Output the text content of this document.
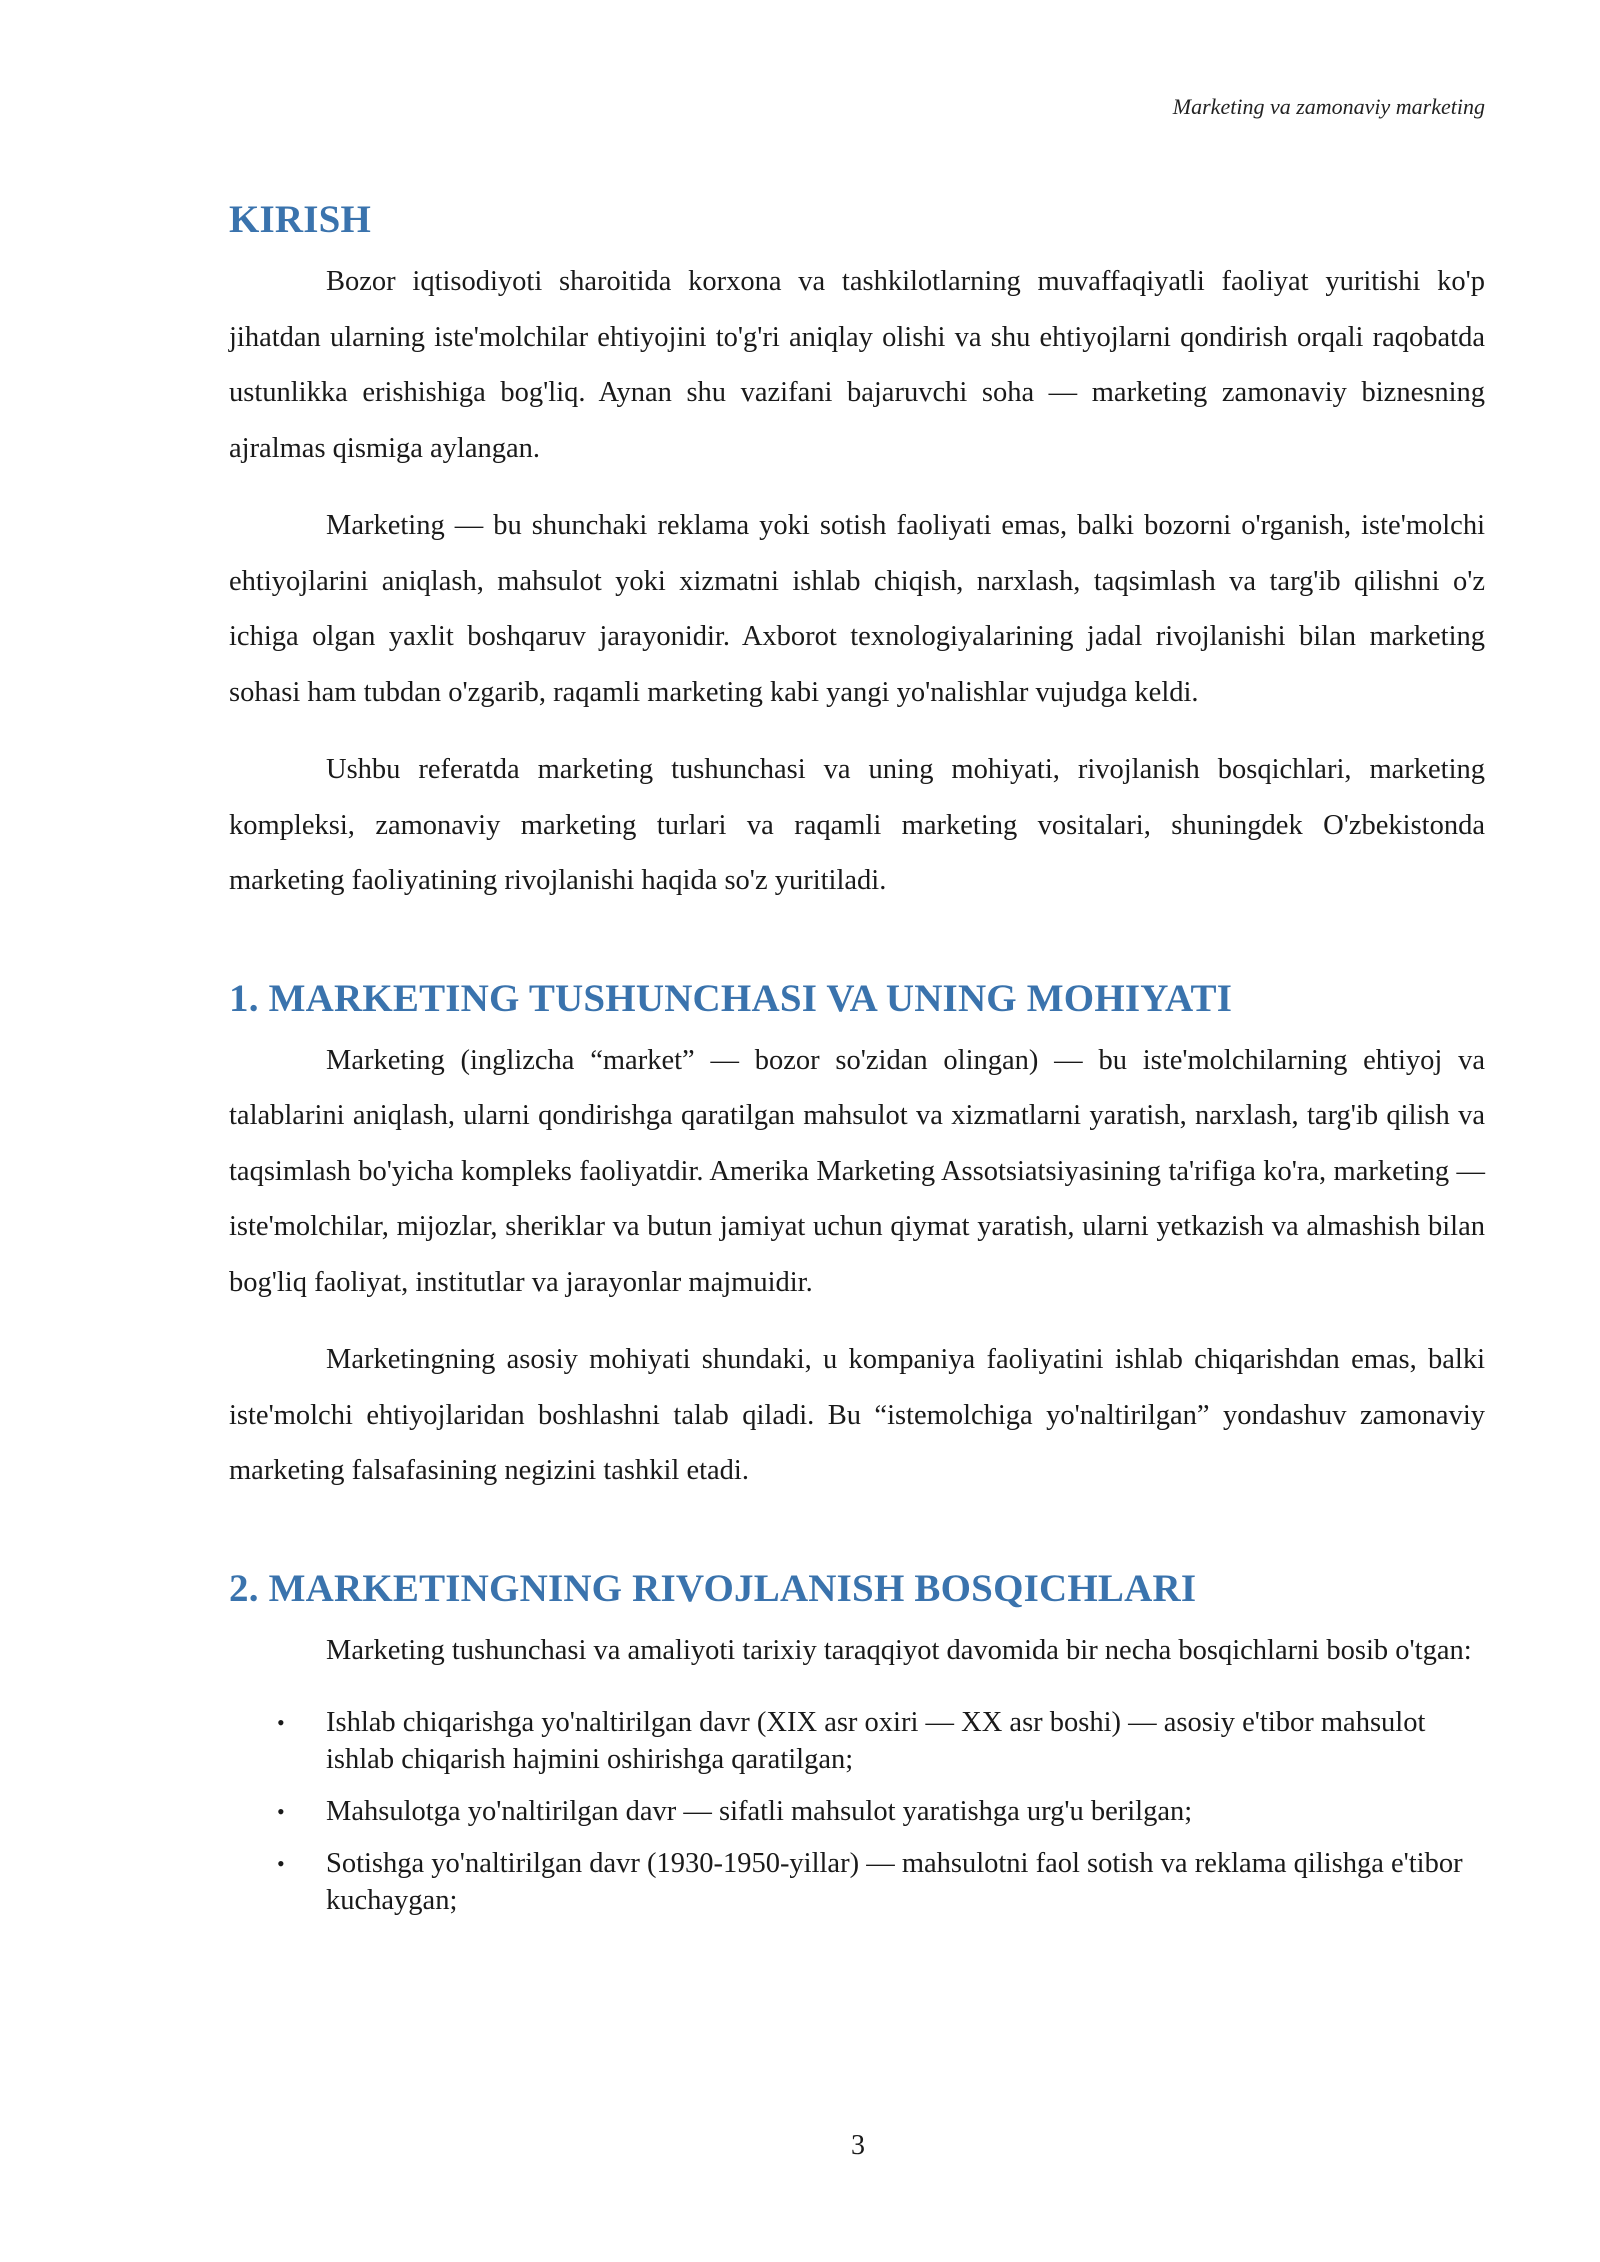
Marketing va zamonaviy marketing
KIRISH

Bozor iqtisodiyoti sharoitida korxona va tashkilotlarning muvaffaqiyatli faoliyat yuritishi ko'p jihatdan ularning iste'molchilar ehtiyojini to'g'ri aniqlay olishi va shu ehtiyojlarni qondirish orqali raqobatda ustunlikka erishishiga bog'liq. Aynan shu vazifani bajaruvchi soha — marketing zamonaviy biznesning ajralmas qismiga aylangan.

Marketing — bu shunchaki reklama yoki sotish faoliyati emas, balki bozorni o'rganish, iste'molchi ehtiyojlarini aniqlash, mahsulot yoki xizmatni ishlab chiqish, narxlash, taqsimlash va targ'ib qilishni o'z ichiga olgan yaxlit boshqaruv jarayonidir. Axborot texnologiyalarining jadal rivojlanishi bilan marketing sohasi ham tubdan o'zgarib, raqamli marketing kabi yangi yo'nalishlar vujudga keldi.

Ushbu referatda marketing tushunchasi va uning mohiyati, rivojlanish bosqichlari, marketing kompleksi, zamonaviy marketing turlari va raqamli marketing vositalari, shuningdek O'zbekistonda marketing faoliyatining rivojlanishi haqida so'z yuritiladi.

1. MARKETING TUSHUNCHASI VA UNING MOHIYATI

Marketing (inglizcha “market” — bozor so'zidan olingan) — bu iste'molchilarning ehtiyoj va talablarini aniqlash, ularni qondirishga qaratilgan mahsulot va xizmatlarni yaratish, narxlash, targ'ib qilish va taqsimlash bo'yicha kompleks faoliyatdir. Amerika Marketing Assotsiatsiyasining ta'rifiga ko'ra, marketing — iste'molchilar, mijozlar, sheriklar va butun jamiyat uchun qiymat yaratish, ularni yetkazish va almashish bilan bog'liq faoliyat, institutlar va jarayonlar majmuidir.

Marketingning asosiy mohiyati shundaki, u kompaniya faoliyatini ishlab chiqarishdan emas, balki iste'molchi ehtiyojlaridan boshlashni talab qiladi. Bu “istemolchiga yo'naltirilgan” yondashuv zamonaviy marketing falsafasining negizini tashkil etadi.

2. MARKETINGNING RIVOJLANISH BOSQICHLARI

Marketing tushunchasi va amaliyoti tarixiy taraqqiyot davomida bir necha bosqichlarni bosib o'tgan:

• Ishlab chiqarishga yo'naltirilgan davr (XIX asr oxiri — XX asr boshi) — asosiy e'tibor mahsulot ishlab chiqarish hajmini oshirishga qaratilgan;
• Mahsulotga yo'naltirilgan davr — sifatli mahsulot yaratishga urg'u berilgan;
• Sotishga yo'naltirilgan davr (1930-1950-yillar) — mahsulotni faol sotish va reklama qilishga e'tibor kuchaygan;
3
